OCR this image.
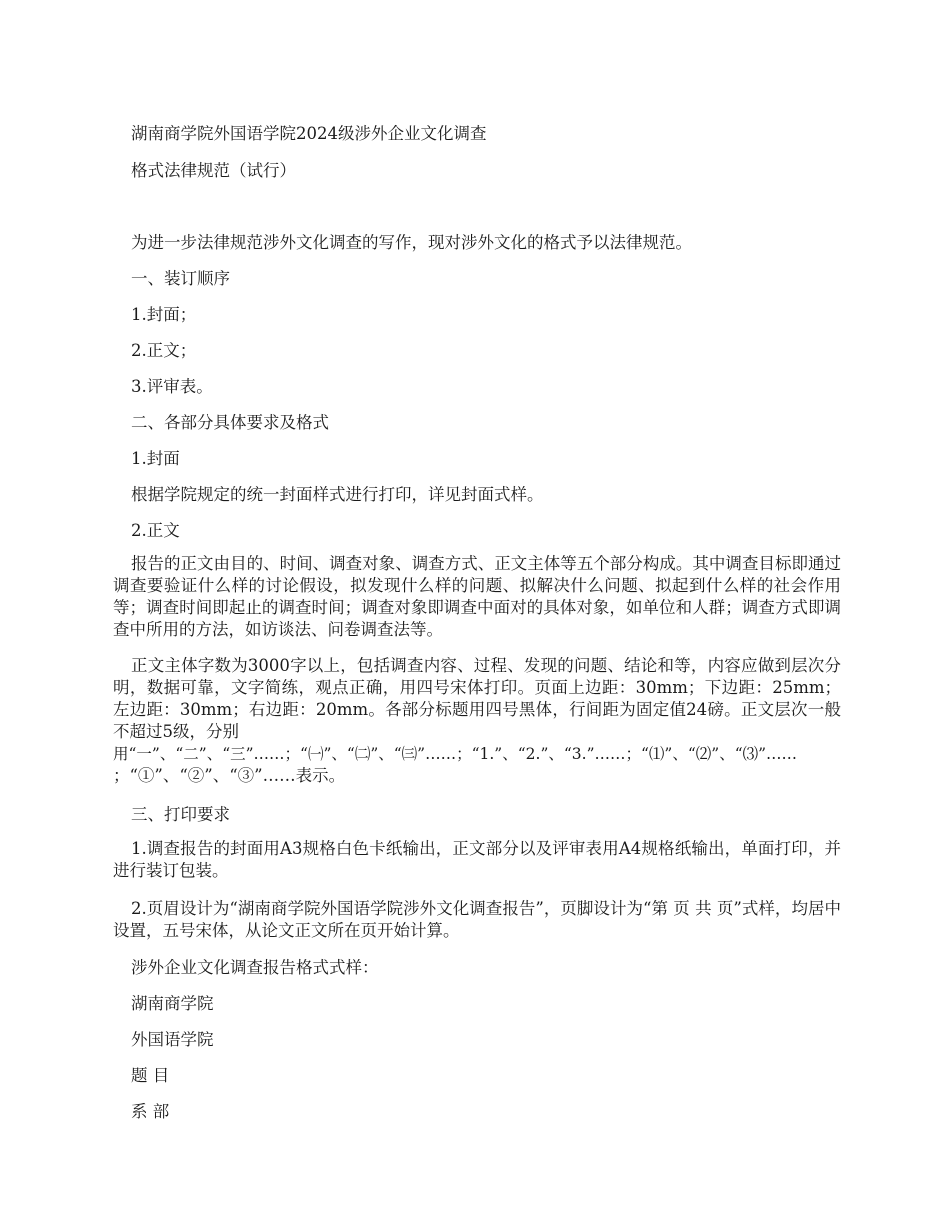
湖南商学院外国语学院2024级涉外企业文化调查

格式法律规范（试行）

为进一步法律规范涉外文化调查的写作，现对涉外文化的格式予以法律规范。

一、装订顺序

1.封面；

2.正文；

3.评审表。

二、各部分具体要求及格式

1.封面

根据学院规定的统一封面样式进行打印，详见封面式样。

2.正文

报告的正文由目的、时间、调查对象、调查方式、正文主体等五个部分构成。其中调查目标即通过调查要验证什么样的讨论假设，拟发现什么样的问题、拟解决什么问题、拟起到什么样的社会作用等；调查时间即起止的调查时间；调查对象即调查中面对的具体对象，如单位和人群；调查方式即调查中所用的方法，如访谈法、问卷调查法等。

正文主体字数为3000字以上，包括调查内容、过程、发现的问题、结论和等，内容应做到层次分明，数据可靠，文字简练，观点正确，用四号宋体打印。页面上边距：30mm；下边距：25mm；左边距：30mm；右边距：20mm。各部分标题用四号黑体，行间距为固定值24磅。正文层次一般不超过5级，分别

用“一”、“二”、“三”……；“㈠”、“㈡”、“㈢”……；“1.”、“2.”、“3.”……；“⑴”、“⑵”、“⑶”……

；“①”、“②”、“③”……表示。

三、打印要求

1.调查报告的封面用A3规格白色卡纸输出，正文部分以及评审表用A4规格纸输出，单面打印，并进行装订包装。

2.页眉设计为“湖南商学院外国语学院涉外文化调查报告”，页脚设计为“第 页 共 页”式样，均居中设置，五号宋体，从论文正文所在页开始计算。

涉外企业文化调查报告格式式样：

湖南商学院

外国语学院

题 目

系 部
